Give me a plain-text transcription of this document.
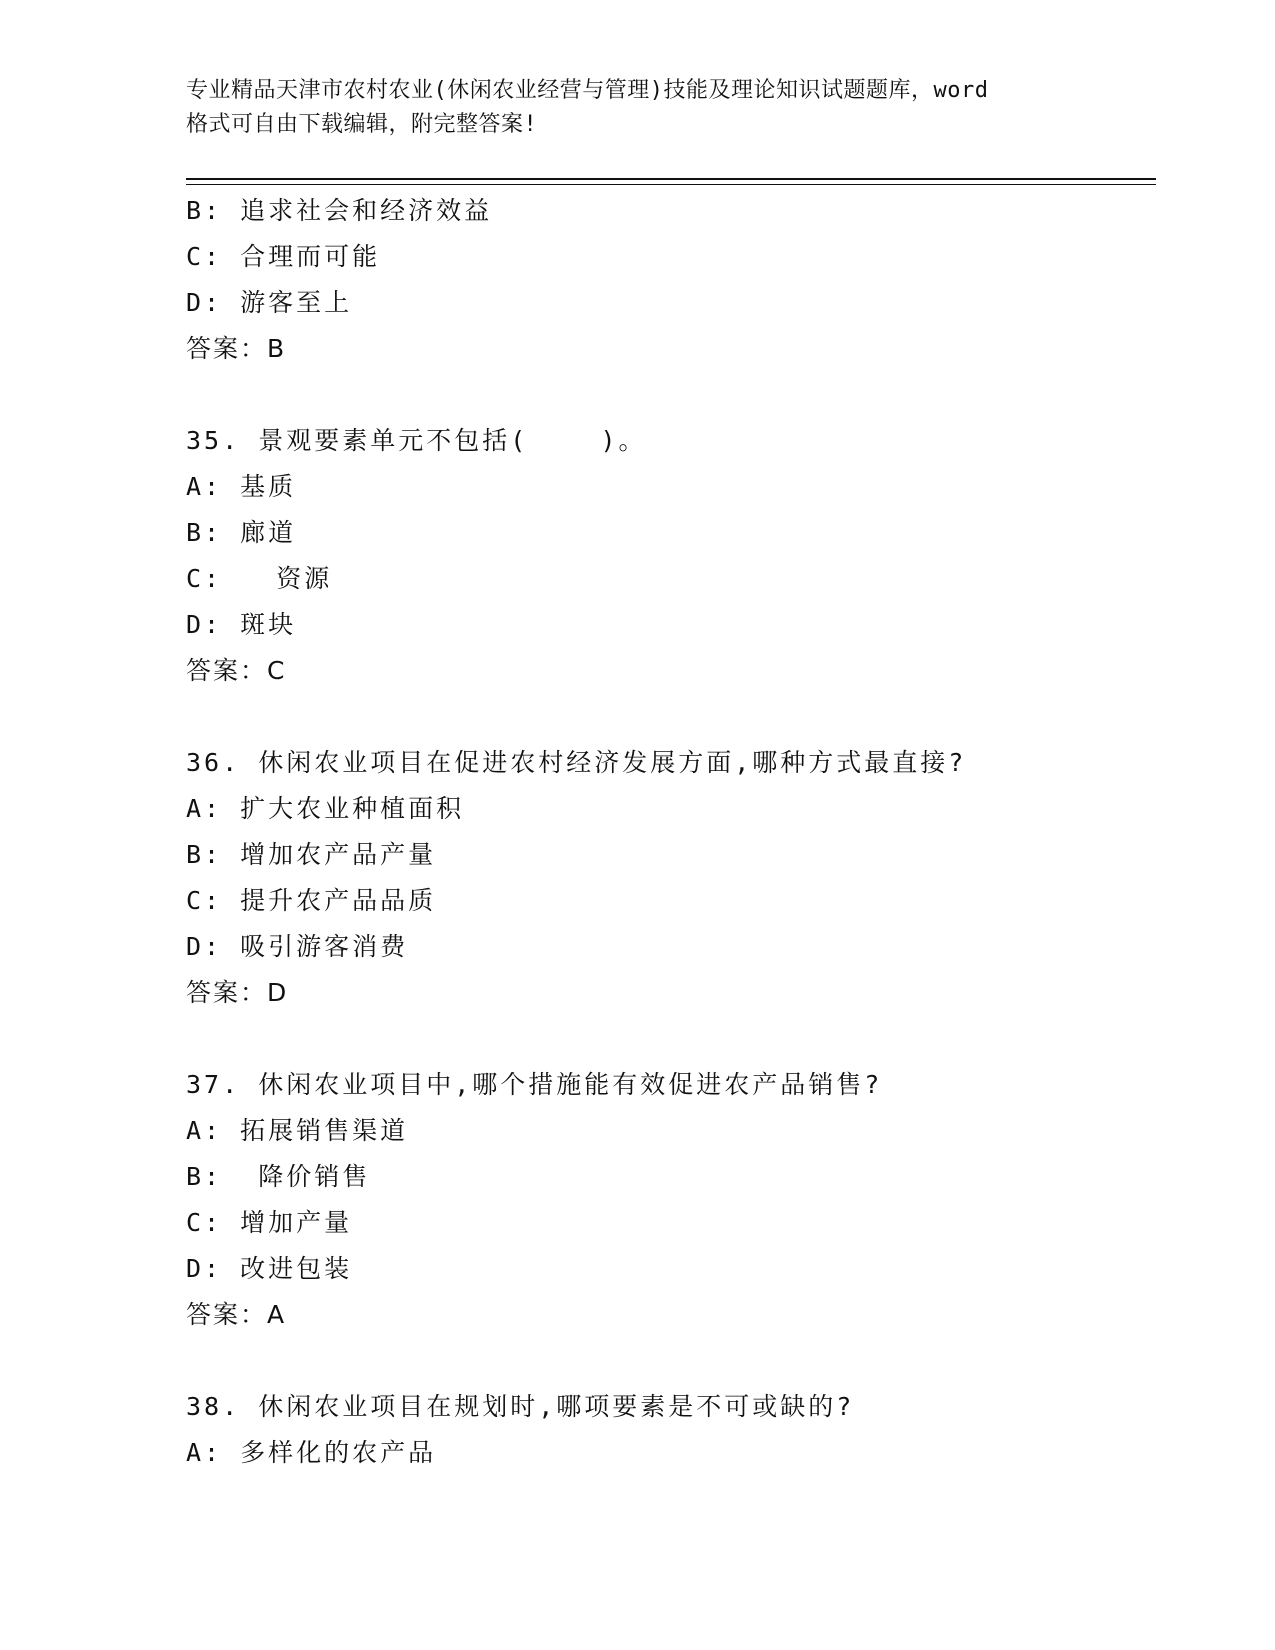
专业精品天津市农村农业(休闲农业经营与管理)技能及理论知识试题题库，word
格式可自由下载编辑，附完整答案!
B: 追求社会和经济效益
C: 合理而可能
D: 游客至上
答案：B
35. 景观要素单元不包括(    )。
A: 基质
B: 廊道
C:   资源
D: 斑块
答案：C
36. 休闲农业项目在促进农村经济发展方面,哪种方式最直接?
A: 扩大农业种植面积
B: 增加农产品产量
C: 提升农产品品质
D: 吸引游客消费
答案：D
37. 休闲农业项目中,哪个措施能有效促进农产品销售?
A: 拓展销售渠道
B:  降价销售
C: 增加产量
D: 改进包装
答案：A
38. 休闲农业项目在规划时,哪项要素是不可或缺的?
A: 多样化的农产品
